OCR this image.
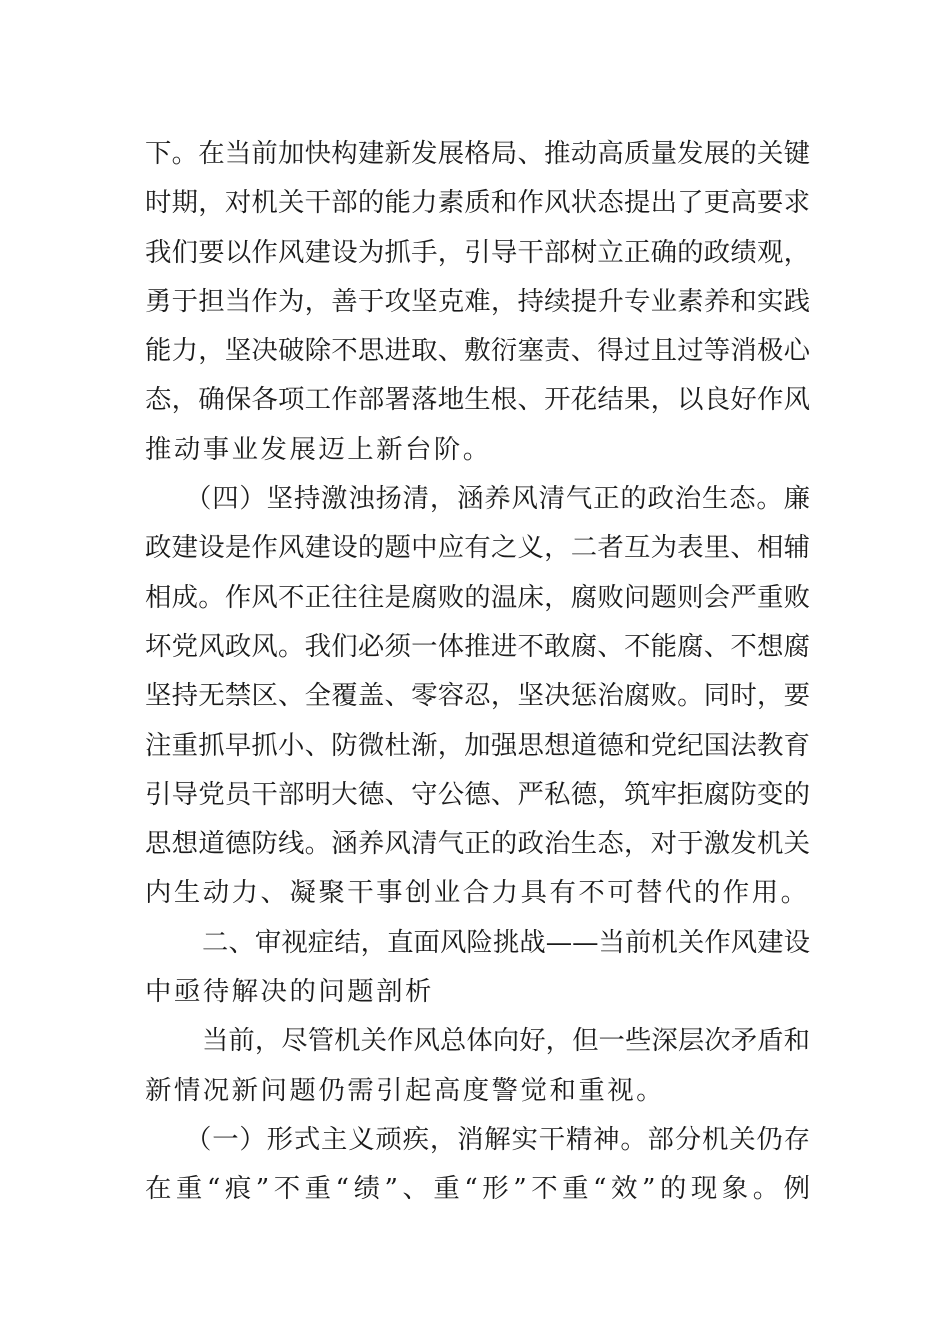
下。在当前加快构建新发展格局、推动高质量发展的关键
时期，对机关干部的能力素质和作风状态提出了更高要求
我们要以作风建设为抓手，引导干部树立正确的政绩观，
勇于担当作为，善于攻坚克难，持续提升专业素养和实践
能力，坚决破除不思进取、敷衍塞责、得过且过等消极心
态，确保各项工作部署落地生根、开花结果，以良好作风
推动事业发展迈上新台阶。
（四）坚持激浊扬清，涵养风清气正的政治生态。廉
政建设是作风建设的题中应有之义，二者互为表里、相辅
相成。作风不正往往是腐败的温床，腐败问题则会严重败
坏党风政风。我们必须一体推进不敢腐、不能腐、不想腐
坚持无禁区、全覆盖、零容忍，坚决惩治腐败。同时，要
注重抓早抓小、防微杜渐，加强思想道德和党纪国法教育
引导党员干部明大德、守公德、严私德，筑牢拒腐防变的
思想道德防线。涵养风清气正的政治生态，对于激发机关
内生动力、凝聚干事创业合力具有不可替代的作用。
二、审视症结，直面风险挑战——当前机关作风建设
中亟待解决的问题剖析
当前，尽管机关作风总体向好，但一些深层次矛盾和
新情况新问题仍需引起高度警觉和重视。
（一）形式主义顽疾，消解实干精神。部分机关仍存
在重“痕”不重“绩”、重“形”不重“效”的现象。例
